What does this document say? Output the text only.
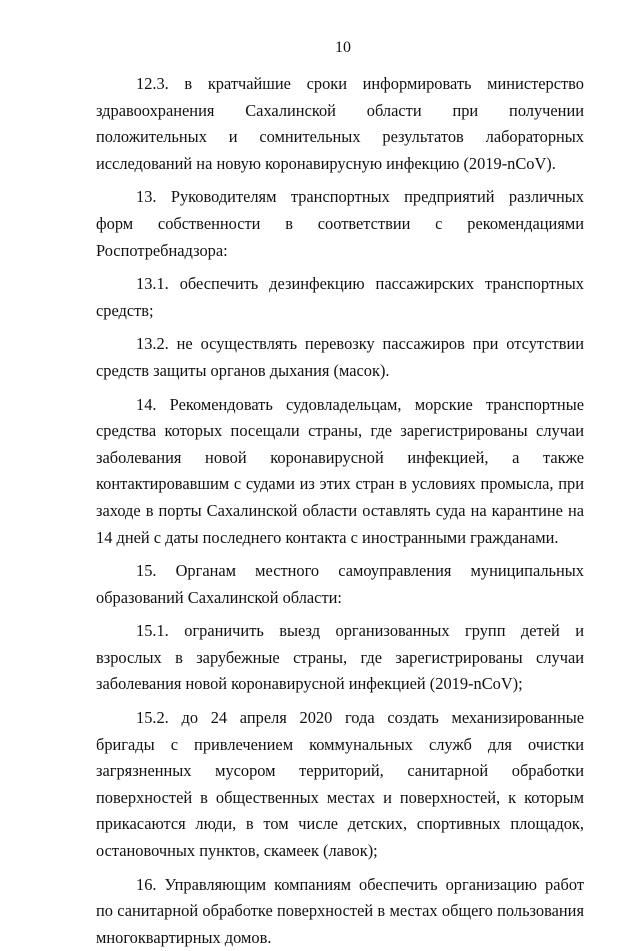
10

12.3. в кратчайшие сроки информировать министерство здравоохранения Сахалинской области при получении положительных и сомнительных результатов лабораторных исследований на новую коронавирусную инфекцию (2019-nCoV).

13. Руководителям транспортных предприятий различных форм собственности в соответствии с рекомендациями Роспотребнадзора:

13.1. обеспечить дезинфекцию пассажирских транспортных средств;

13.2. не осуществлять перевозку пассажиров при отсутствии средств защиты органов дыхания (масок).

14. Рекомендовать судовладельцам, морские транспортные средства которых посещали страны, где зарегистрированы случаи заболевания новой коронавирусной инфекцией, а также контактировавшим с судами из этих стран в условиях промысла, при заходе в порты Сахалинской области оставлять суда на карантине на 14 дней с даты последнего контакта с иностранными гражданами.

15. Органам местного самоуправления муниципальных образований Сахалинской области:

15.1. ограничить выезд организованных групп детей и взрослых в зарубежные страны, где зарегистрированы случаи заболевания новой коронавирусной инфекцией (2019-nCoV);

15.2. до 24 апреля 2020 года создать механизированные бригады с привлечением коммунальных служб для очистки загрязненных мусором территорий, санитарной обработки поверхностей в общественных местах и поверхностей, к которым прикасаются люди, в том числе детских, спортивных площадок, остановочных пунктов, скамеек (лавок);

16. Управляющим компаниям обеспечить организацию работ по санитарной обработке поверхностей в местах общего пользования многоквартирных домов.
